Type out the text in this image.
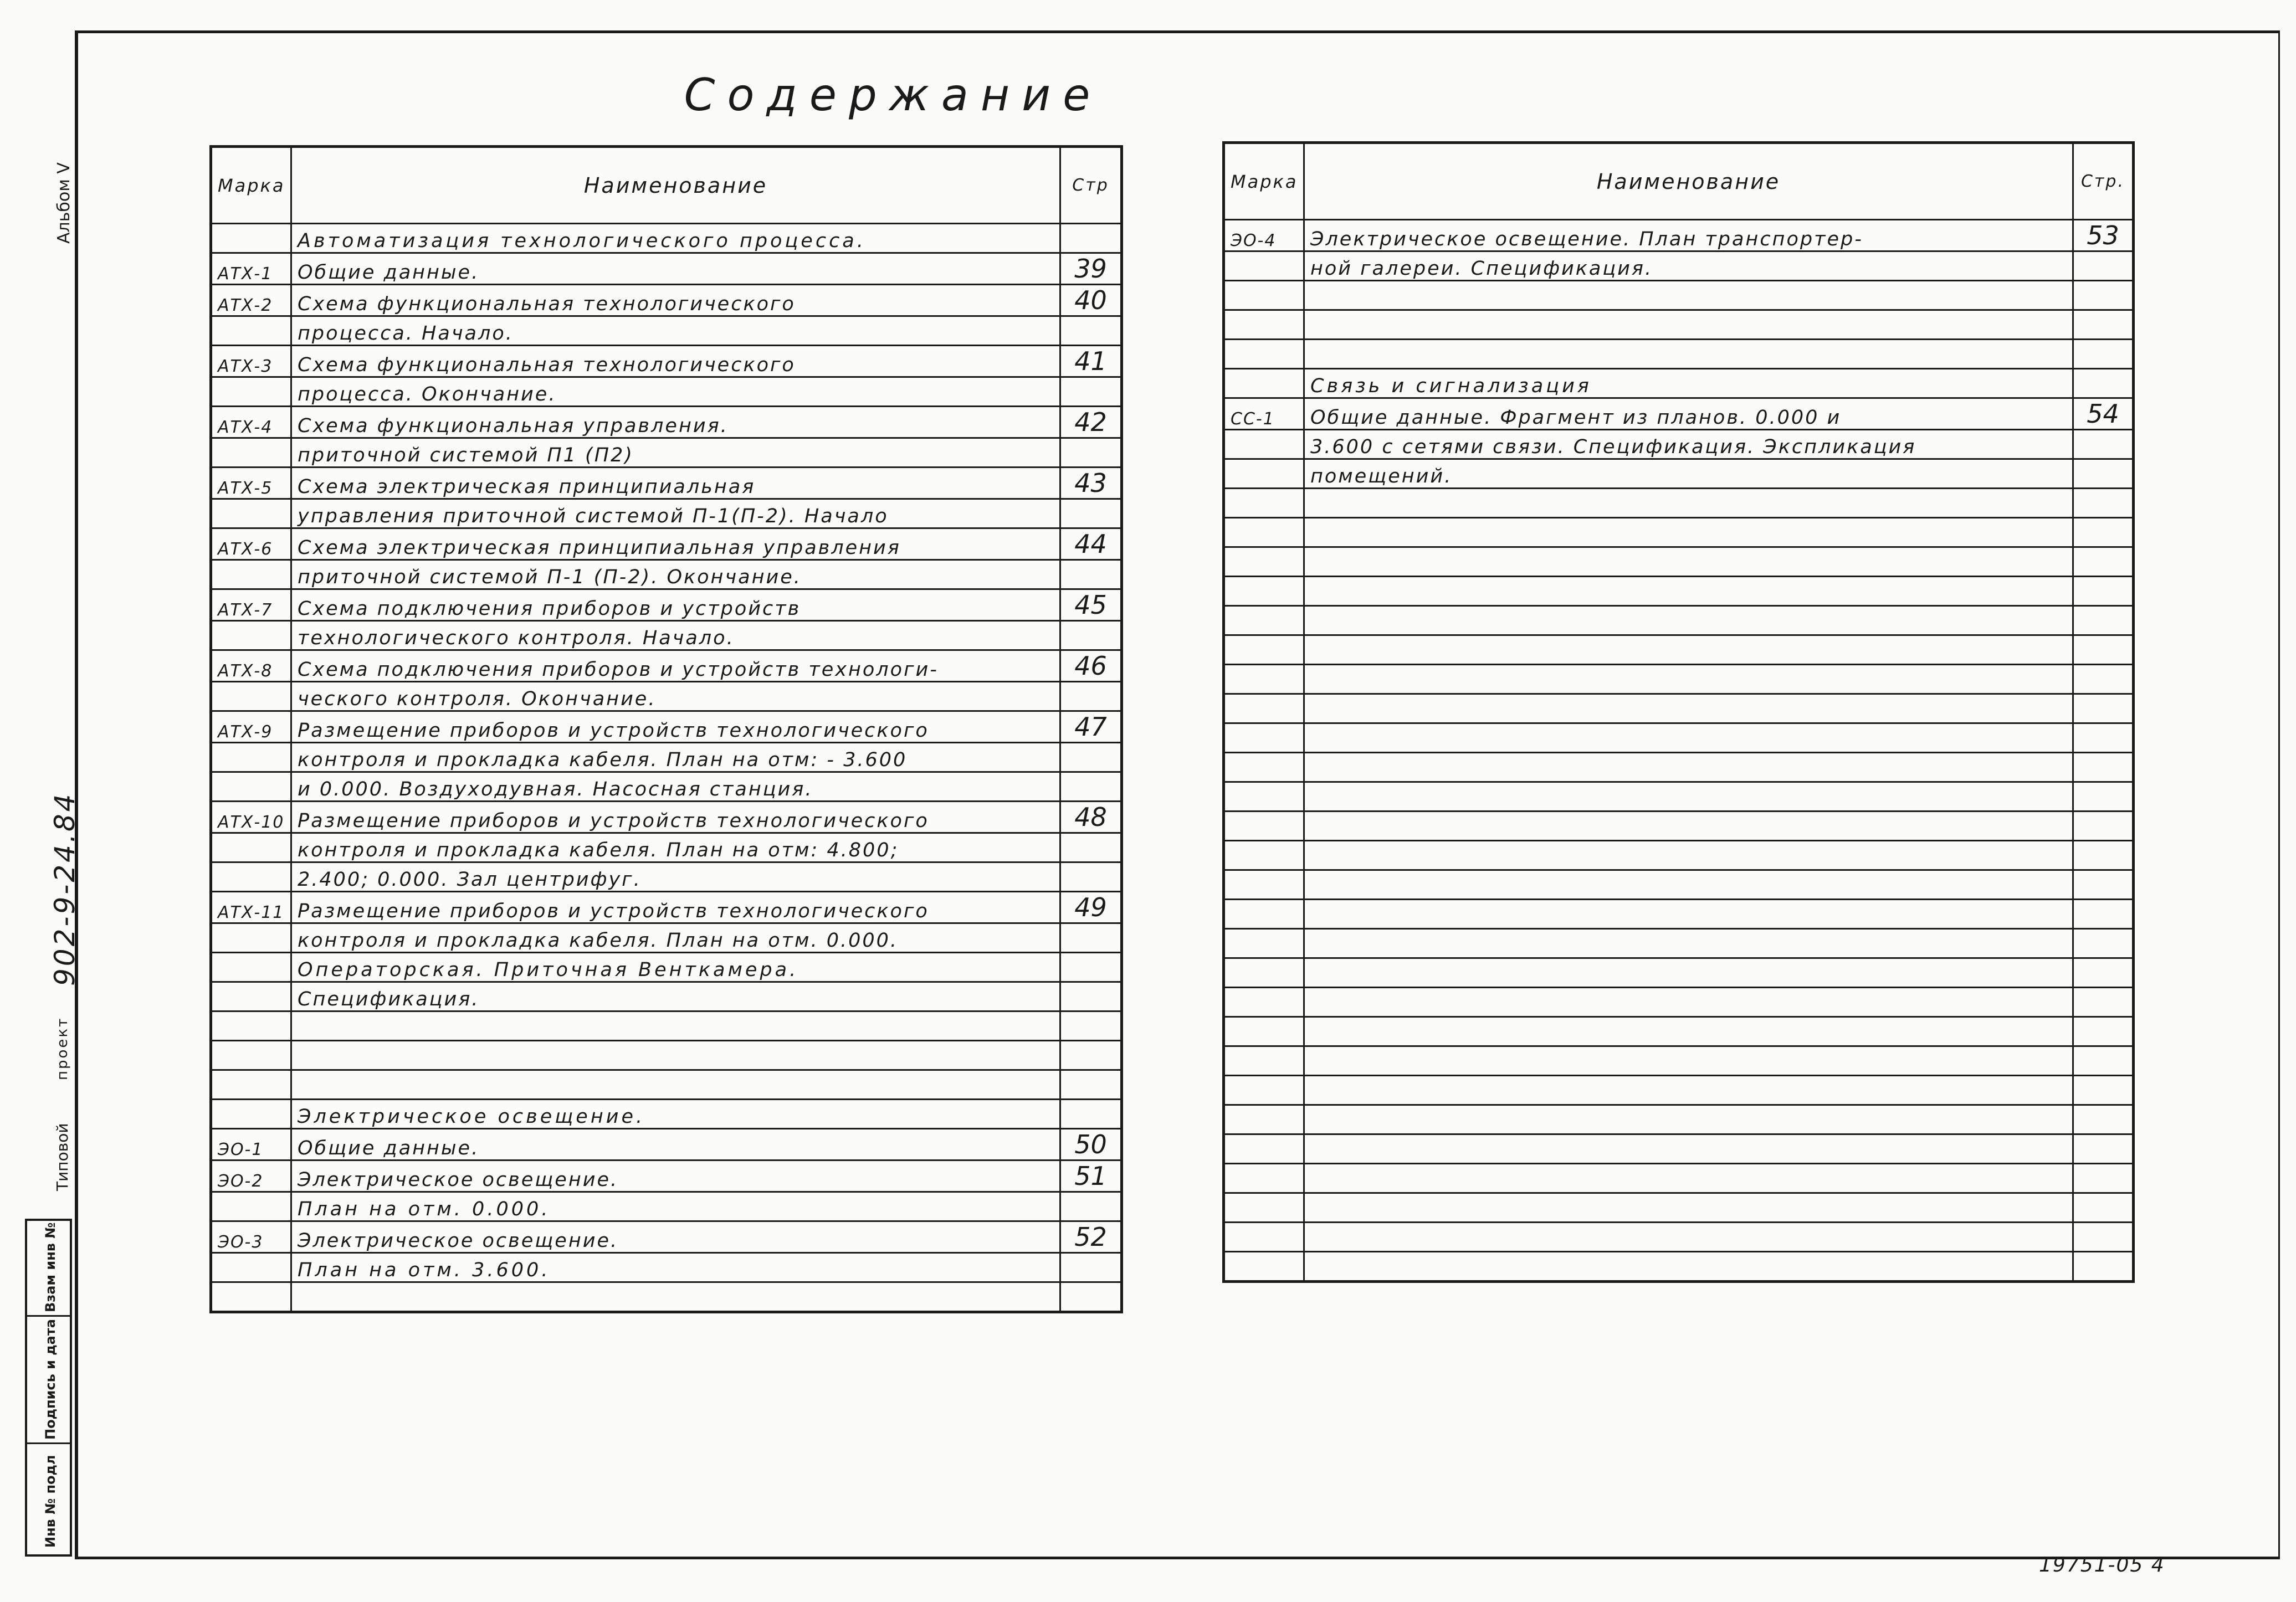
Содержание
Альбом V
Типовой
проект
902-9-24.84
Инв № подл
Подпись и дата
Взам инв №
Марка	Наименование	Стр
	Автоматизация технологического процесса.	
АТХ-1	Общие данные.	39
АТХ-2	Схема функциональная технологического	40
	процесса. Начало.	
АТХ-3	Схема функциональная технологического	41
	процесса. Окончание.	
АТХ-4	Схема функциональная управления.	42
	приточной системой П1 (П2)	
АТХ-5	Схема электрическая принципиальная	43
	управления приточной системой П-1(П-2). Начало	
АТХ-6	Схема электрическая принципиальная управления	44
	приточной системой П-1 (П-2). Окончание.	
АТХ-7	Схема подключения приборов и устройств	45
	технологического контроля. Начало.	
АТХ-8	Схема подключения приборов и устройств технологи-	46
	ческого контроля. Окончание.	
АТХ-9	Размещение приборов и устройств технологического	47
	контроля и прокладка кабеля. План на отм: - 3.600	
	и 0.000. Воздуходувная. Насосная станция.	
АТХ-10	Размещение приборов и устройств технологического	48
	контроля и прокладка кабеля. План на отм: 4.800;	
	2.400; 0.000. Зал центрифуг.	
АТХ-11	Размещение приборов и устройств технологического	49
	контроля и прокладка кабеля. План на отм. 0.000.	
	Операторская. Приточная Венткамера.	
	Спецификация.	

	Электрическое освещение.	
ЭО-1	Общие данные.	50
ЭО-2	Электрическое освещение.	51
	План на отм. 0.000.	
ЭО-3	Электрическое освещение.	52
	План на отм. 3.600.	

Марка	Наименование	Стр.
ЭО-4	Электрическое освещение. План транспортер-	53
	ной галереи. Спецификация.	

	Связь и сигнализация	
СС-1	Общие данные. Фрагмент из планов. 0.000 и	54
	3.600 с сетями связи. Спецификация. Экспликация	
	помещений.	

19751-05 4
